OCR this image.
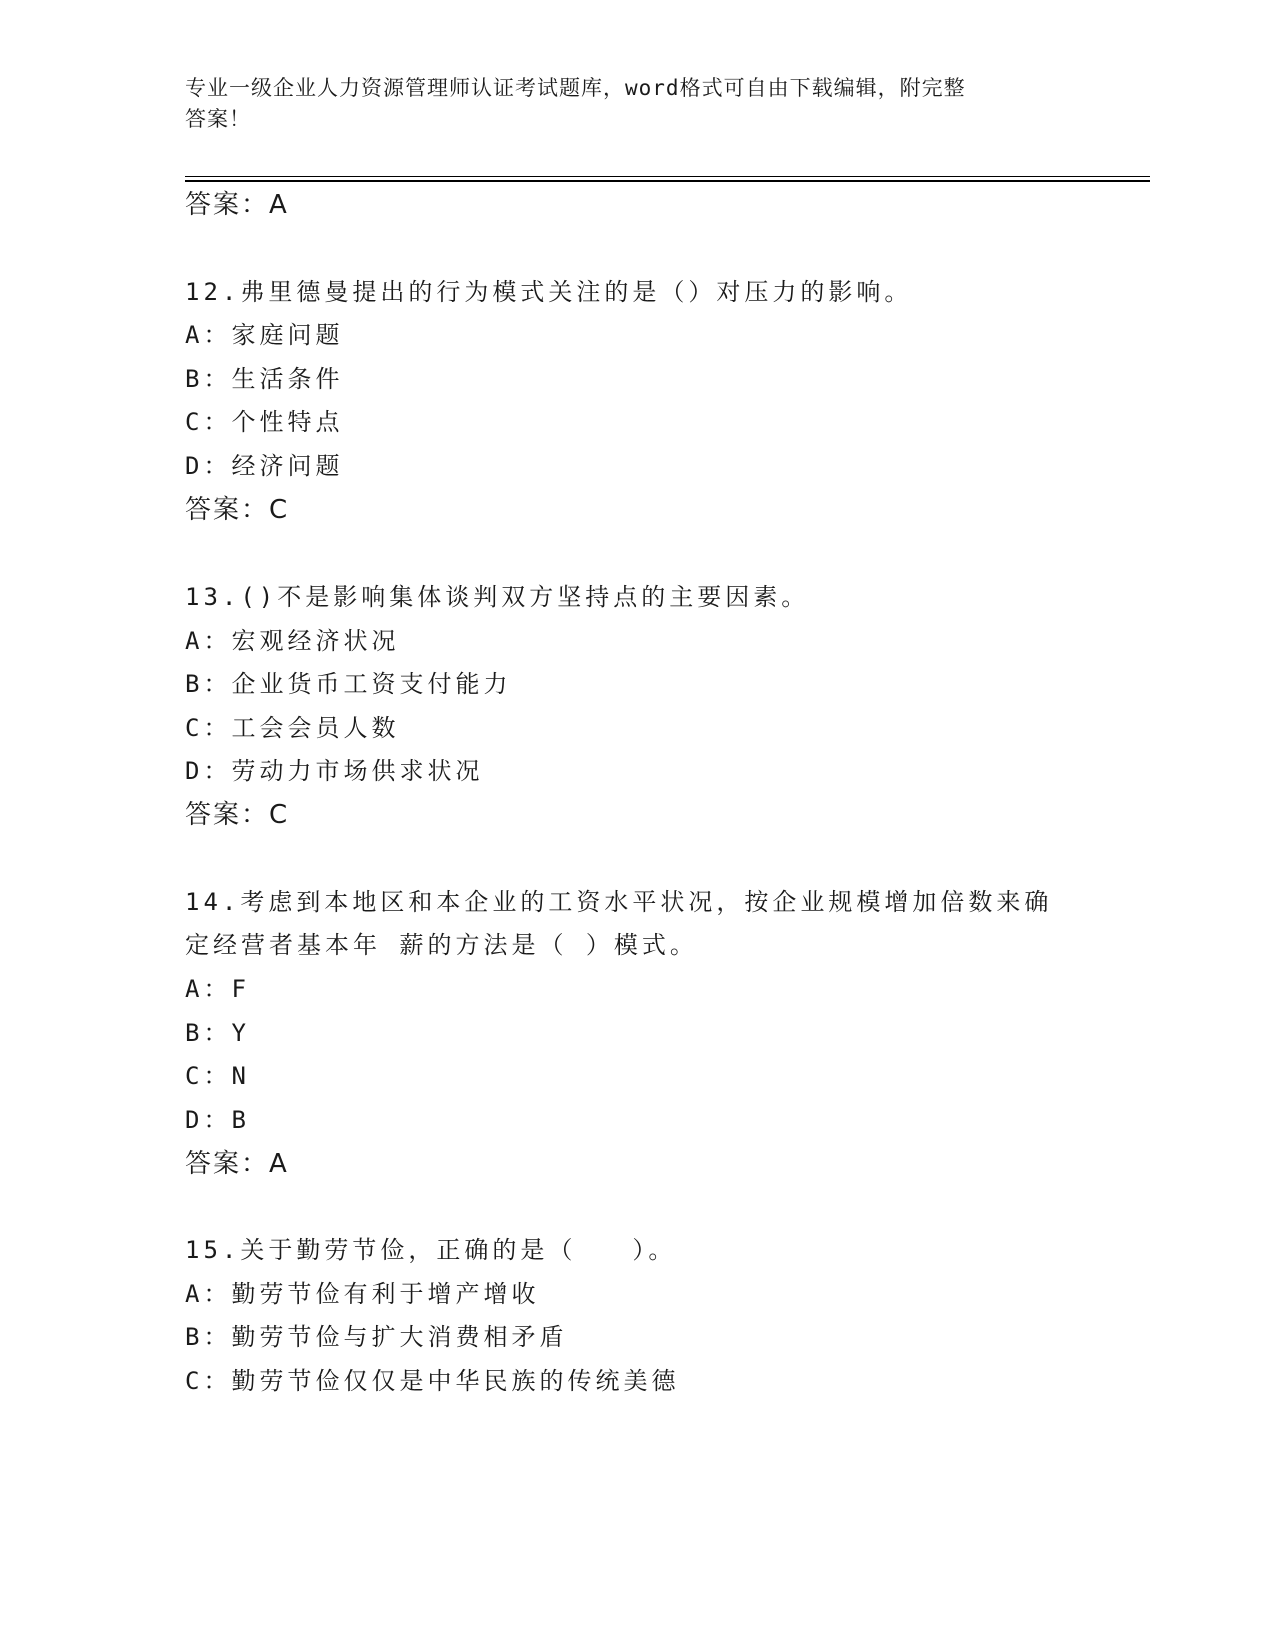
专业一级企业人力资源管理师认证考试题库，word格式可自由下载编辑，附完整
答案！
答案：A
12.弗里德曼提出的行为模式关注的是（）对压力的影响。
A：家庭问题
B：生活条件
C：个性特点
D：经济问题
答案：C
13.()不是影响集体谈判双方坚持点的主要因素。
A：宏观经济状况
B：企业货币工资支付能力
C：工会会员人数
D：劳动力市场供求状况
答案：C
14.考虑到本地区和本企业的工资水平状况，按企业规模增加倍数来确
定经营者基本年 薪的方法是（ ）模式。
A：F
B：Y
C：N
D：B
答案：A
15.关于勤劳节俭，正确的是（　　）。
A：勤劳节俭有利于增产增收
B：勤劳节俭与扩大消费相矛盾
C：勤劳节俭仅仅是中华民族的传统美德
